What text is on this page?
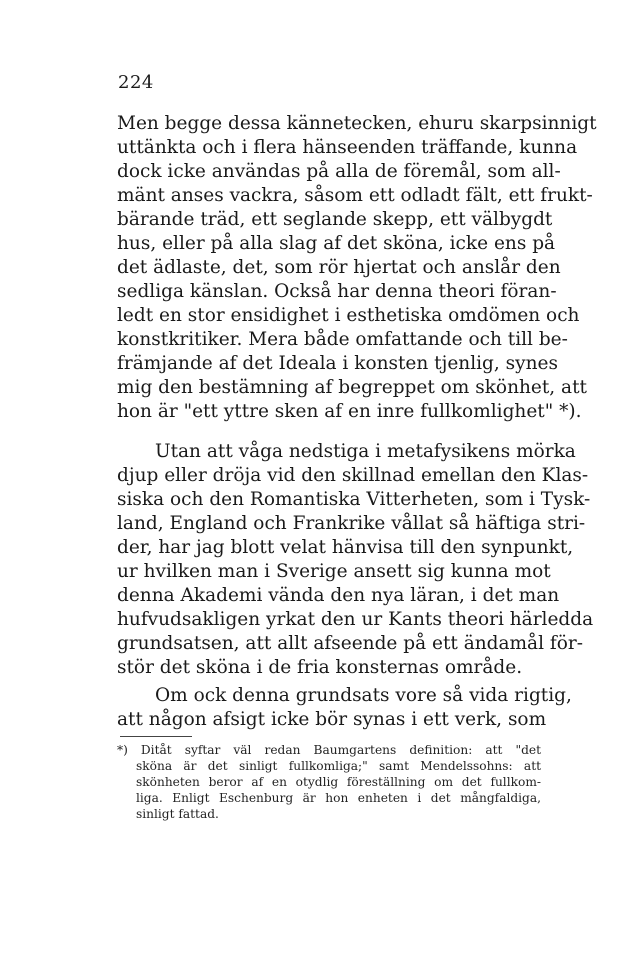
224
Men begge dessa kännetecken, ehuru skarpsinnigt
uttänkta och i flera hänseenden träffande, kunna
dock icke användas på alla de föremål, som all-
mänt anses vackra, såsom ett odladt fält, ett frukt-
bärande träd, ett seglande skepp, ett välbygdt
hus, eller på alla slag af det sköna, icke ens på
det ädlaste, det, som rör hjertat och anslår den
sedliga känslan. Också har denna theori föran-
ledt en stor ensidighet i esthetiska omdömen och
konstkritiker. Mera både omfattande och till be-
främjande af det Ideala i konsten tjenlig, synes
mig den bestämning af begreppet om skönhet, att
hon är "ett yttre sken af en inre fullkomlighet" *).
Utan att våga nedstiga i metafysikens mörka
djup eller dröja vid den skillnad emellan den Klas-
siska och den Romantiska Vitterheten, som i Tysk-
land, England och Frankrike vållat så häftiga stri-
der, har jag blott velat hänvisa till den synpunkt,
ur hvilken man i Sverige ansett sig kunna mot
denna Akademi vända den nya läran, i det man
hufvudsakligen yrkat den ur Kants theori härledda
grundsatsen, att allt afseende på ett ändamål för-
stör det sköna i de fria konsternas område.
Om ock denna grundsats vore så vida rigtig,
att någon afsigt icke bör synas i ett verk, som
*) Ditåt syftar väl redan Baumgartens definition: att "det
sköna är det sinligt fullkomliga;" samt Mendelssohns: att
skönheten beror af en otydlig föreställning om det fullkom-
liga. Enligt Eschenburg är hon enheten i det mångfaldiga,
sinligt fattad.
